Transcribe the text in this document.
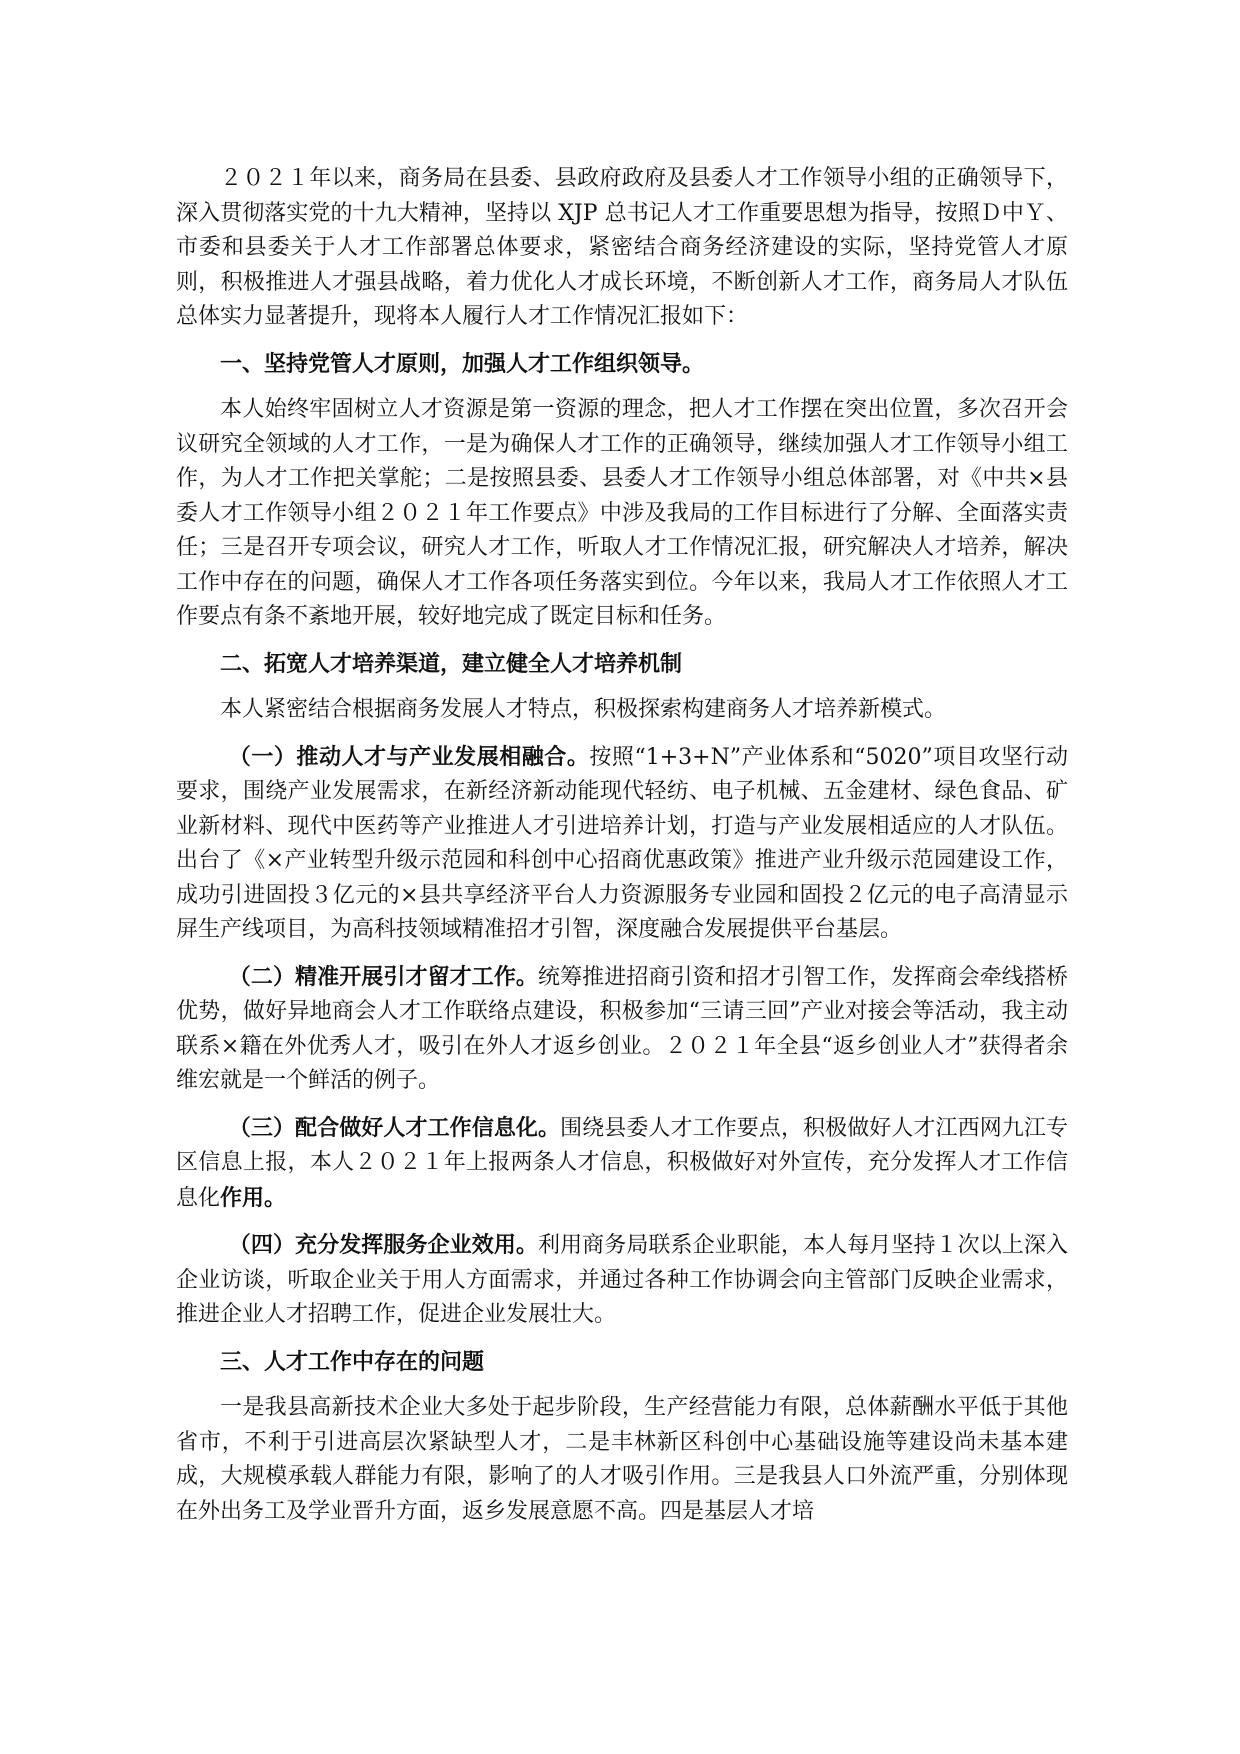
２０２１年以来，商务局在县委、县政府政府及县委人才工作领导小组的正确领导下，深入贯彻落实党的十九大精神，坚持以 XJP 总书记人才工作重要思想为指导，按照Ｄ中Ｙ、市委和县委关于人才工作部署总体要求，紧密结合商务经济建设的实际，坚持党管人才原则，积极推进人才强县战略，着力优化人才成长环境，不断创新人才工作，商务局人才队伍总体实力显著提升，现将本人履行人才工作情况汇报如下：

一、坚持党管人才原则，加强人才工作组织领导。

本人始终牢固树立人才资源是第一资源的理念，把人才工作摆在突出位置，多次召开会议研究全领域的人才工作，一是为确保人才工作的正确领导，继续加强人才工作领导小组工作，为人才工作把关掌舵；二是按照县委、县委人才工作领导小组总体部署，对《中共×县委人才工作领导小组２０２１年工作要点》中涉及我局的工作目标进行了分解、全面落实责任；三是召开专项会议，研究人才工作，听取人才工作情况汇报，研究解决人才培养，解决工作中存在的问题，确保人才工作各项任务落实到位。今年以来，我局人才工作依照人才工作要点有条不紊地开展，较好地完成了既定目标和任务。

二、拓宽人才培养渠道，建立健全人才培养机制

本人紧密结合根据商务发展人才特点，积极探索构建商务人才培养新模式。

（一）推动人才与产业发展相融合。按照“1+3+N”产业体系和“5020”项目攻坚行动要求，围绕产业发展需求，在新经济新动能现代轻纺、电子机械、五金建材、绿色食品、矿业新材料、现代中医药等产业推进人才引进培养计划，打造与产业发展相适应的人才队伍。出台了《×产业转型升级示范园和科创中心招商优惠政策》推进产业升级示范园建设工作，成功引进固投３亿元的×县共享经济平台人力资源服务专业园和固投２亿元的电子高清显示屏生产线项目，为高科技领域精准招才引智，深度融合发展提供平台基层。

（二）精准开展引才留才工作。统筹推进招商引资和招才引智工作，发挥商会牵线搭桥优势，做好异地商会人才工作联络点建设，积极参加“三请三回”产业对接会等活动，我主动联系×籍在外优秀人才，吸引在外人才返乡创业。２０２１年全县“返乡创业人才”获得者余维宏就是一个鲜活的例子。

（三）配合做好人才工作信息化。围绕县委人才工作要点，积极做好人才江西网九江专区信息上报，本人２０２１年上报两条人才信息，积极做好对外宣传，充分发挥人才工作信息化作用。

（四）充分发挥服务企业效用。利用商务局联系企业职能，本人每月坚持１次以上深入企业访谈，听取企业关于用人方面需求，并通过各种工作协调会向主管部门反映企业需求，推进企业人才招聘工作，促进企业发展壮大。

三、人才工作中存在的问题

一是我县高新技术企业大多处于起步阶段，生产经营能力有限，总体薪酬水平低于其他省市，不利于引进高层次紧缺型人才，二是丰林新区科创中心基础设施等建设尚未基本建成，大规模承载人群能力有限，影响了的人才吸引作用。三是我县人口外流严重，分别体现在外出务工及学业晋升方面，返乡发展意愿不高。四是基层人才培
